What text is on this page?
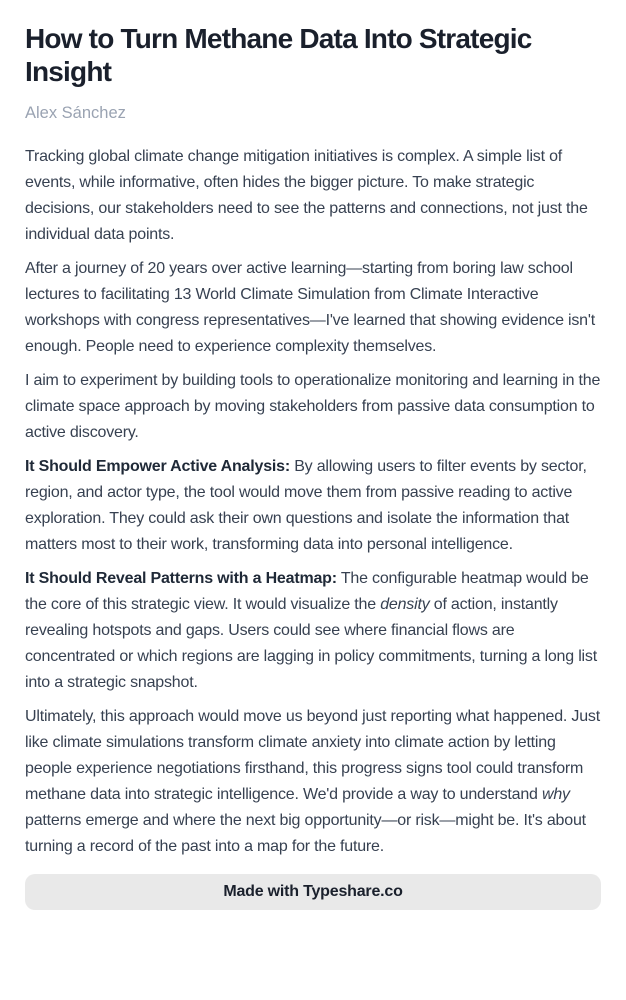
How to Turn Methane Data Into Strategic
Insight

Alex Sánchez

Tracking global climate change mitigation initiatives is complex. A simple list of events, while informative, often hides the bigger picture. To make strategic decisions, our stakeholders need to see the patterns and connections, not just the individual data points.

After a journey of 20 years over active learning—starting from boring law school lectures to facilitating 13 World Climate Simulation from Climate Interactive workshops with congress representatives—I've learned that showing evidence isn't enough. People need to experience complexity themselves.

I aim to experiment by building tools to operationalize monitoring and learning in the climate space approach by moving stakeholders from passive data consumption to active discovery.

It Should Empower Active Analysis: By allowing users to filter events by sector, region, and actor type, the tool would move them from passive reading to active exploration. They could ask their own questions and isolate the information that matters most to their work, transforming data into personal intelligence.

It Should Reveal Patterns with a Heatmap: The configurable heatmap would be the core of this strategic view. It would visualize the density of action, instantly revealing hotspots and gaps. Users could see where financial flows are concentrated or which regions are lagging in policy commitments, turning a long list into a strategic snapshot.

Ultimately, this approach would move us beyond just reporting what happened. Just like climate simulations transform climate anxiety into climate action by letting people experience negotiations firsthand, this progress signs tool could transform methane data into strategic intelligence. We'd provide a way to understand why patterns emerge and where the next big opportunity—or risk—might be. It's about turning a record of the past into a map for the future.

Made with Typeshare.co
